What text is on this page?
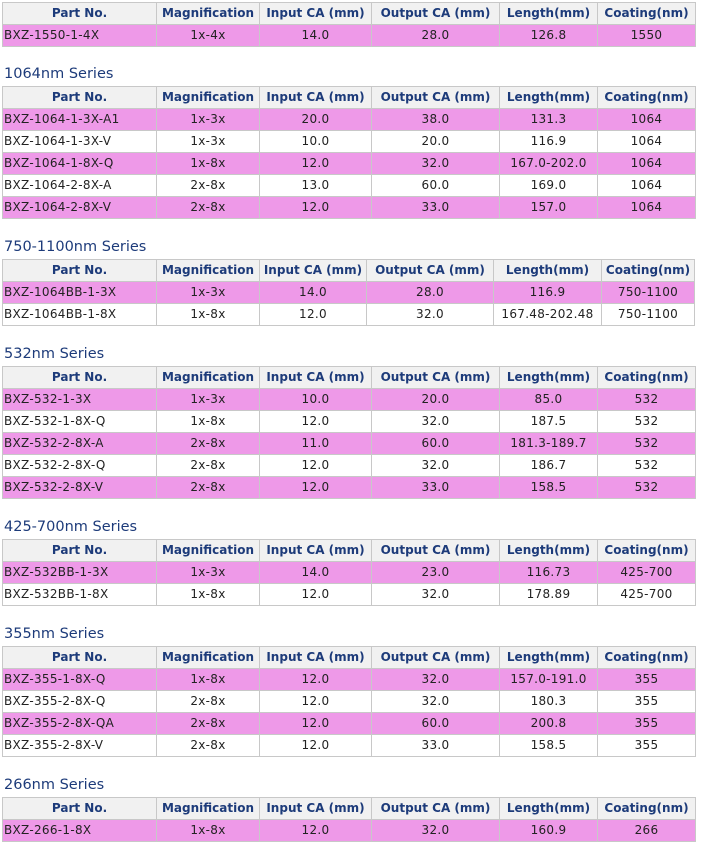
Part No.	Magnification	Input CA (mm)	Output CA (mm)	Length(mm)	Coating(nm)
BXZ-1550-1-4X	1x-4x	14.0	28.0	126.8	1550
1064nm Series
Part No.	Magnification	Input CA (mm)	Output CA (mm)	Length(mm)	Coating(nm)
BXZ-1064-1-3X-A1	1x-3x	20.0	38.0	131.3	1064
BXZ-1064-1-3X-V	1x-3x	10.0	20.0	116.9	1064
BXZ-1064-1-8X-Q	1x-8x	12.0	32.0	167.0-202.0	1064
BXZ-1064-2-8X-A	2x-8x	13.0	60.0	169.0	1064
BXZ-1064-2-8X-V	2x-8x	12.0	33.0	157.0	1064
750-1100nm Series
Part No.	Magnification	Input CA (mm)	Output CA (mm)	Length(mm)	Coating(nm)
BXZ-1064BB-1-3X	1x-3x	14.0	28.0	116.9	750-1100
BXZ-1064BB-1-8X	1x-8x	12.0	32.0	167.48-202.48	750-1100
532nm Series
Part No.	Magnification	Input CA (mm)	Output CA (mm)	Length(mm)	Coating(nm)
BXZ-532-1-3X	1x-3x	10.0	20.0	85.0	532
BXZ-532-1-8X-Q	1x-8x	12.0	32.0	187.5	532
BXZ-532-2-8X-A	2x-8x	11.0	60.0	181.3-189.7	532
BXZ-532-2-8X-Q	2x-8x	12.0	32.0	186.7	532
BXZ-532-2-8X-V	2x-8x	12.0	33.0	158.5	532
425-700nm Series
Part No.	Magnification	Input CA (mm)	Output CA (mm)	Length(mm)	Coating(nm)
BXZ-532BB-1-3X	1x-3x	14.0	23.0	116.73	425-700
BXZ-532BB-1-8X	1x-8x	12.0	32.0	178.89	425-700
355nm Series
Part No.	Magnification	Input CA (mm)	Output CA (mm)	Length(mm)	Coating(nm)
BXZ-355-1-8X-Q	1x-8x	12.0	32.0	157.0-191.0	355
BXZ-355-2-8X-Q	2x-8x	12.0	32.0	180.3	355
BXZ-355-2-8X-QA	2x-8x	12.0	60.0	200.8	355
BXZ-355-2-8X-V	2x-8x	12.0	33.0	158.5	355
266nm Series
Part No.	Magnification	Input CA (mm)	Output CA (mm)	Length(mm)	Coating(nm)
BXZ-266-1-8X	1x-8x	12.0	32.0	160.9	266
